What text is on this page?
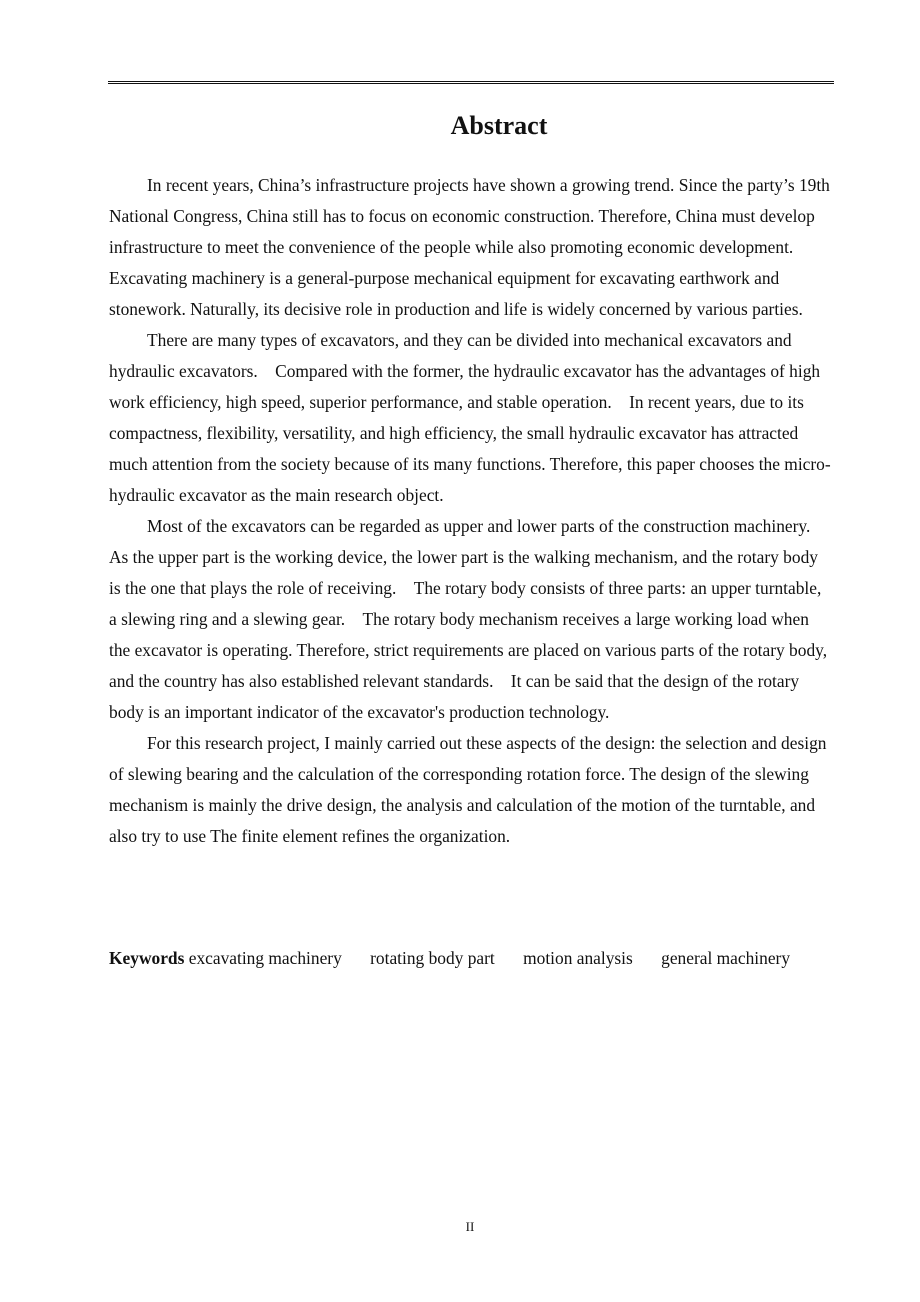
Abstract

In recent years, China’s infrastructure projects have shown a growing trend. Since the party’s 19th National Congress, China still has to focus on economic construction. Therefore, China must develop infrastructure to meet the convenience of the people while also promoting economic development.　Excavating machinery is a general-purpose mechanical equipment for excavating earthwork and stonework. Naturally, its decisive role in production and life is widely concerned by various parties.

There are many types of excavators, and they can be divided into mechanical excavators and hydraulic excavators.　Compared with the former, the hydraulic excavator has the advantages of high work efficiency, high speed, superior performance, and stable operation.　In recent years, due to its compactness, flexibility, versatility, and high efficiency, the small hydraulic excavator has attracted much attention from the society because of its many functions. Therefore, this paper chooses the micro-hydraulic excavator as the main research object.

Most of the excavators can be regarded as upper and lower parts of the construction machinery. As the upper part is the working device, the lower part is the walking mechanism, and the rotary body is the one that plays the role of receiving.　The rotary body consists of three parts: an upper turntable, a slewing ring and a slewing gear.　The rotary body mechanism receives a large working load when the excavator is operating. Therefore, strict requirements are placed on various parts of the rotary body, and the country has also established relevant standards.　It can be said that the design of the rotary body is an important indicator of the excavator's production technology.

For this research project, I mainly carried out these aspects of the design: the selection and design of slewing bearing and the calculation of the corresponding rotation force. The design of the slewing mechanism is mainly the drive design, the analysis and calculation of the motion of the turntable, and also try to use The finite element refines the organization.

Keywords excavating machinery rotating body part motion analysis general machinery
II
